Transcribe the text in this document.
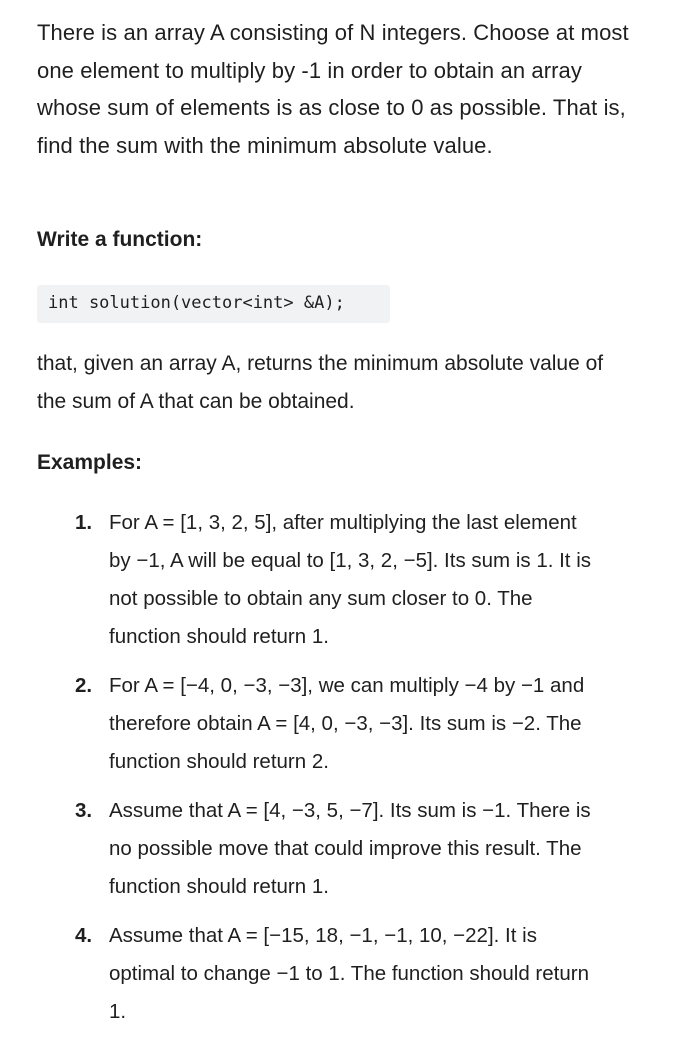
There is an array A consisting of N integers. Choose at most one element to multiply by -1 in order to obtain an array whose sum of elements is as close to 0 as possible. That is, find the sum with the minimum absolute value.

Write a function:
int solution(vector<int> &A);

that, given an array A, returns the minimum absolute value of the sum of A that can be obtained.

Examples:
1. For A = [1, 3, 2, 5], after multiplying the last element by −1, A will be equal to [1, 3, 2, −5]. Its sum is 1. It is not possible to obtain any sum closer to 0. The function should return 1.
2. For A = [−4, 0, −3, −3], we can multiply −4 by −1 and therefore obtain A = [4, 0, −3, −3]. Its sum is −2. The function should return 2.
3. Assume that A = [4, −3, 5, −7]. Its sum is −1. There is no possible move that could improve this result. The function should return 1.
4. Assume that A = [−15, 18, −1, −1, 10, −22]. It is optimal to change −1 to 1. The function should return 1.
